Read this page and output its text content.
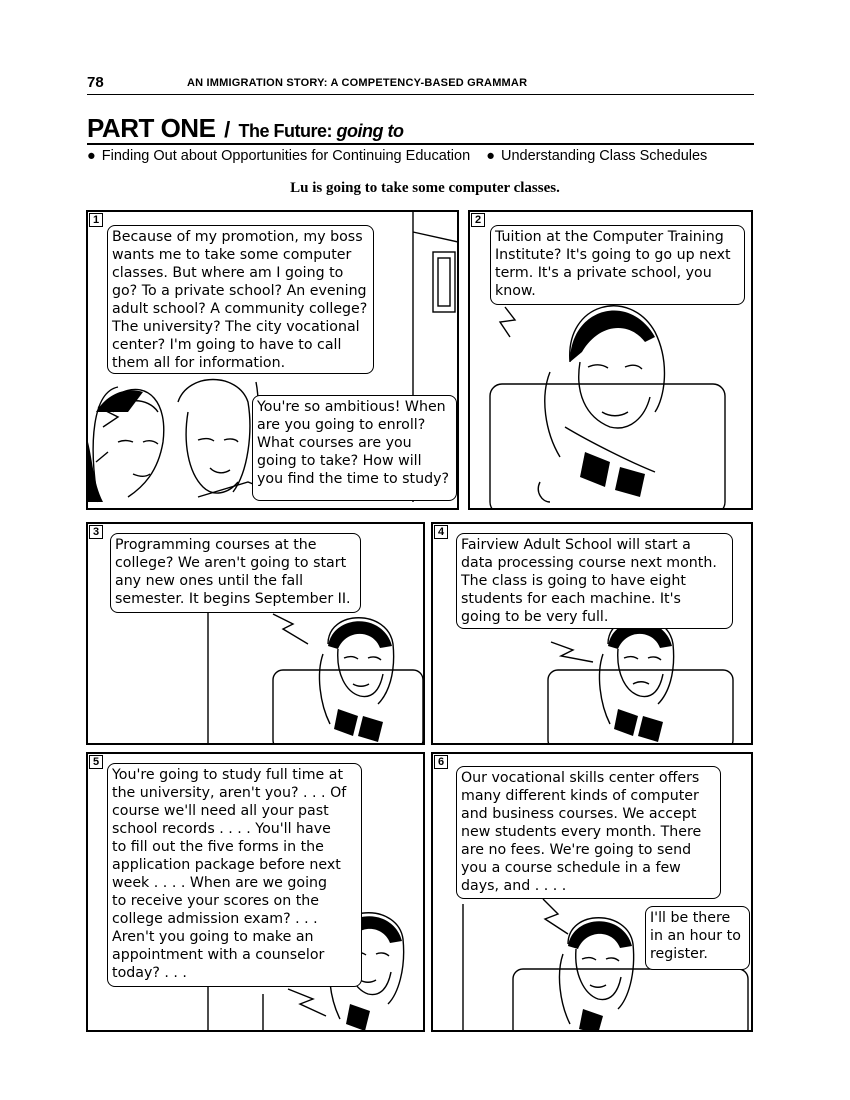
78	AN IMMIGRATION STORY: A COMPETENCY-BASED GRAMMAR
PART ONE / The Future: going to
● Finding Out about Opportunities for Continuing Education ● Understanding Class Schedules
Lu is going to take some computer classes.
1
Because of my promotion, my boss
wants me to take some computer
classes. But where am I going to
go? To a private school? An evening
adult school? A community college?
The university? The city vocational
center? I'm going to have to call
them all for information.
You're so ambitious! When
are you going to enroll?
What courses are you
going to take? How will
you find the time to study?
2
Tuition at the Computer Training
Institute? It's going to go up next
term. It's a private school, you
know.
3
Programming courses at the
college? We aren't going to start
any new ones until the fall
semester. It begins September II.
4
Fairview Adult School will start a
data processing course next month.
The class is going to have eight
students for each machine. It's
going to be very full.
5
You're going to study full time at
the university, aren't you? . . . Of
course we'll need all your past
school records . . . . You'll have
to fill out the five forms in the
application package before next
week . . . . When are we going
to receive your scores on the
college admission exam? . . .
Aren't you going to make an
appointment with a counselor
today? . . .
6
Our vocational skills center offers
many different kinds of computer
and business courses. We accept
new students every month. There
are no fees. We're going to send
you a course schedule in a few
days, and . . . .
I'll be there
in an hour to
register.
